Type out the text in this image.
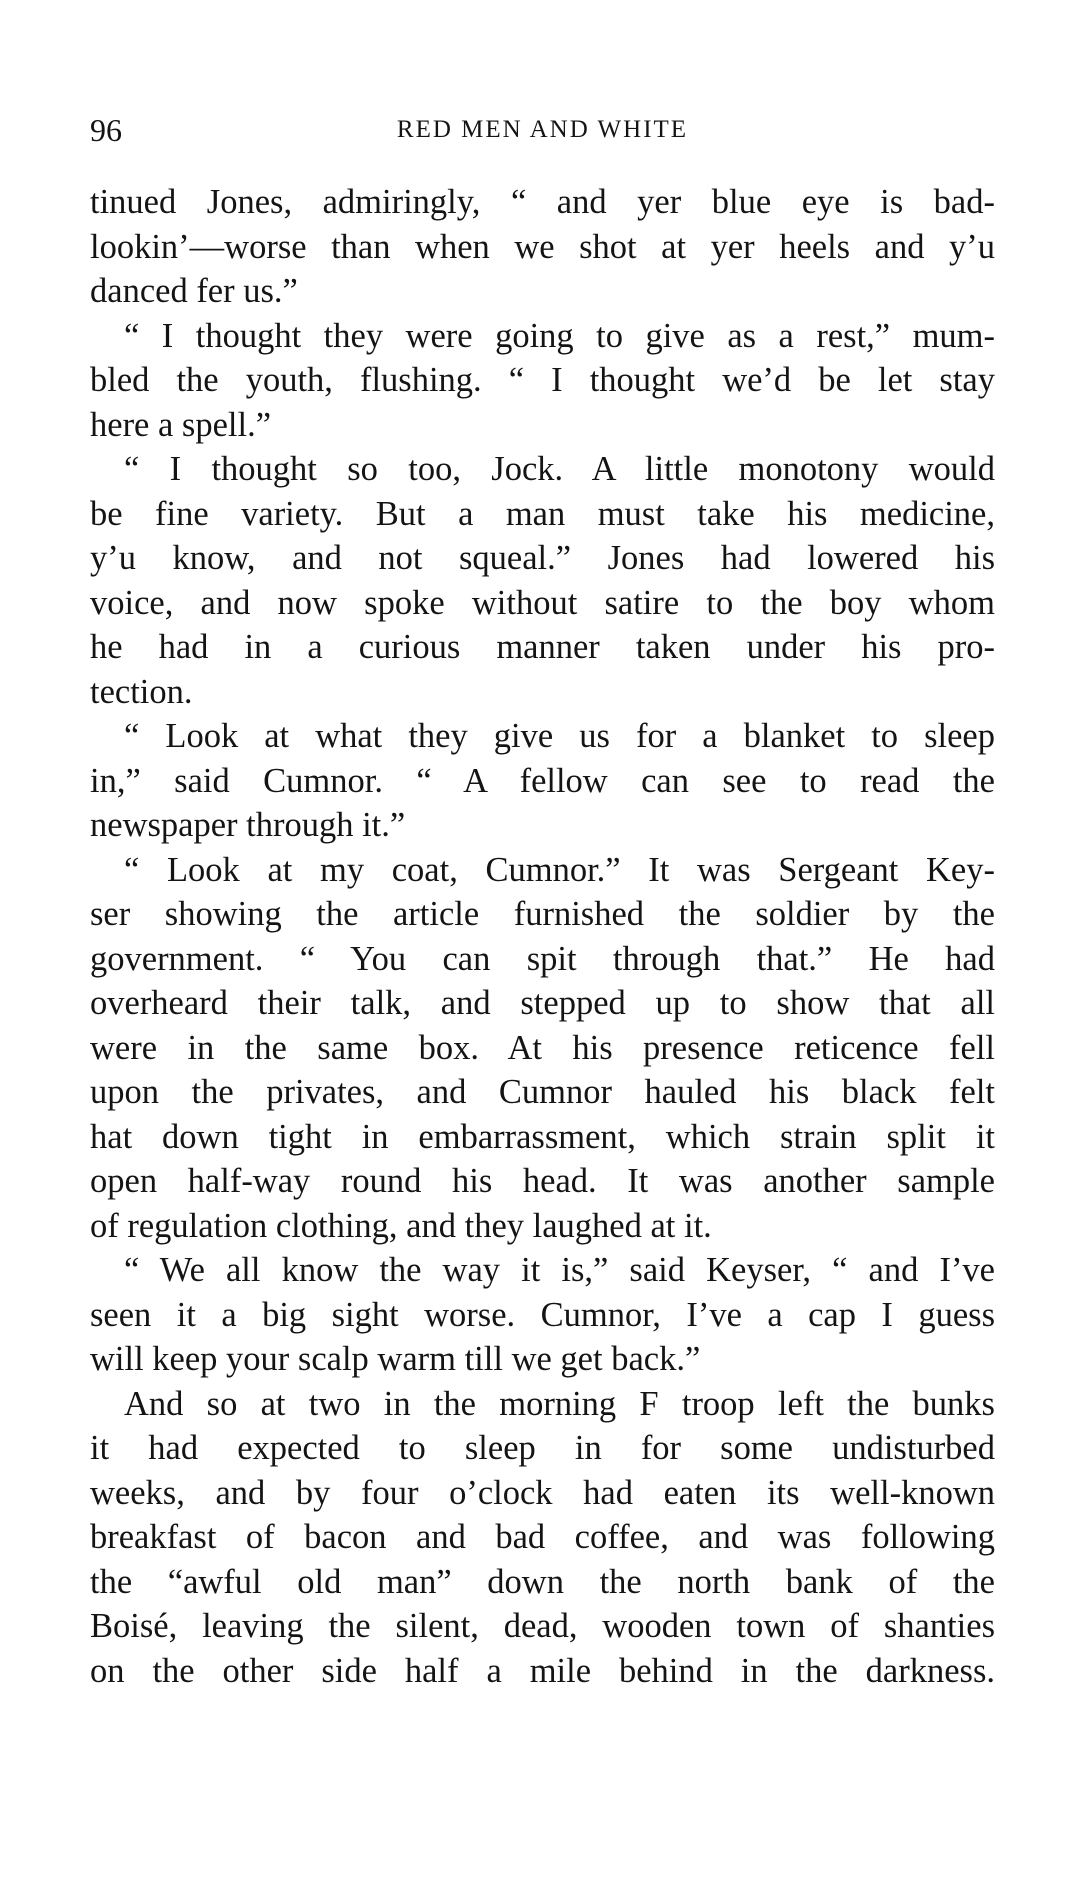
96	RED MEN AND WHITE
tinued Jones, admiringly, “ and yer blue eye is bad-
lookin’—worse than when we shot at yer heels and y’u
danced fer us.”
“ I thought they were going to give as a rest,” mum-
bled the youth, flushing. “ I thought we’d be let stay
here a spell.”
“ I thought so too, Jock. A little monotony would
be fine variety. But a man must take his medicine,
y’u know, and not squeal.” Jones had lowered his
voice, and now spoke without satire to the boy whom
he had in a curious manner taken under his pro-
tection.
“ Look at what they give us for a blanket to sleep
in,” said Cumnor. “ A fellow can see to read the
newspaper through it.”
“ Look at my coat, Cumnor.” It was Sergeant Key-
ser showing the article furnished the soldier by the
government. “ You can spit through that.” He had
overheard their talk, and stepped up to show that all
were in the same box. At his presence reticence fell
upon the privates, and Cumnor hauled his black felt
hat down tight in embarrassment, which strain split it
open half-way round his head. It was another sample
of regulation clothing, and they laughed at it.
“ We all know the way it is,” said Keyser, “ and I’ve
seen it a big sight worse. Cumnor, I’ve a cap I guess
will keep your scalp warm till we get back.”
And so at two in the morning F troop left the bunks
it had expected to sleep in for some undisturbed
weeks, and by four o’clock had eaten its well-known
breakfast of bacon and bad coffee, and was following
the “awful old man” down the north bank of the
Boisé, leaving the silent, dead, wooden town of shanties
on the other side half a mile behind in the darkness.
